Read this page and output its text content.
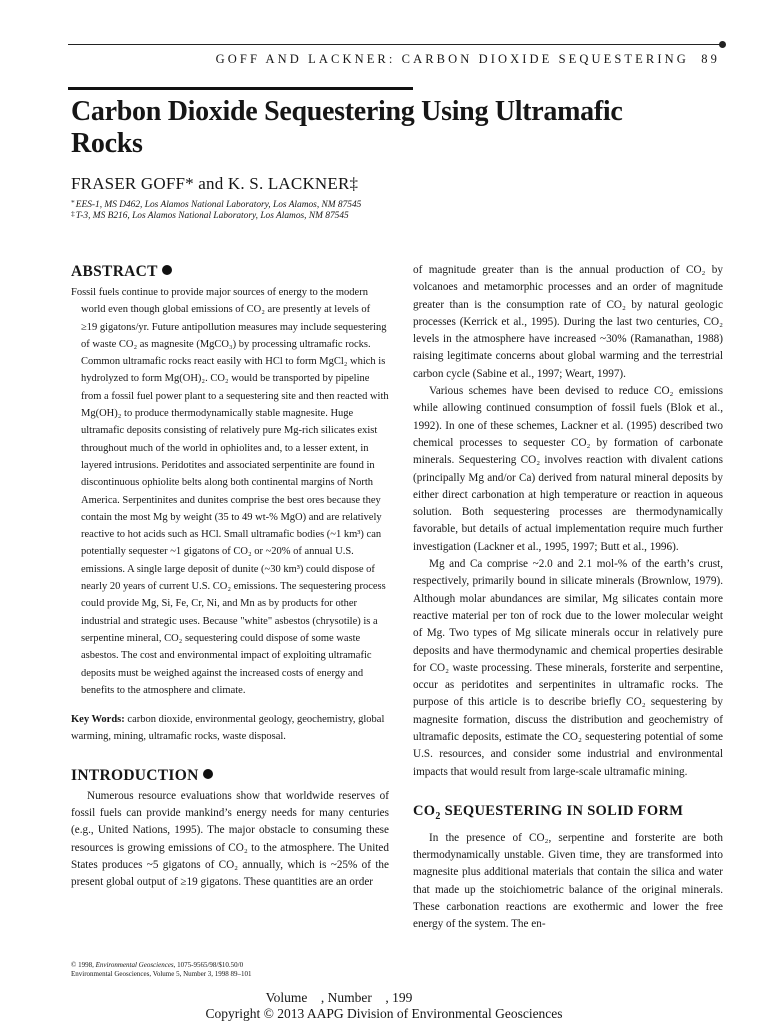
GOFF AND LACKNER: CARBON DIOXIDE SEQUESTERING 89
Carbon Dioxide Sequestering Using Ultramafic Rocks
FRASER GOFF* and K. S. LACKNER‡
*EES-1, MS D462, Los Alamos National Laboratory, Los Alamos, NM 87545
‡T-3, MS B216, Los Alamos National Laboratory, Los Alamos, NM 87545
ABSTRACT

Fossil fuels continue to provide major sources of energy to the modern world even though global emissions of CO₂ are presently at levels of ≥19 gigatons/yr. Future antipollution measures may include sequestering of waste CO₂ as magnesite (MgCO₃) by processing ultramafic rocks. Common ultramafic rocks react easily with HCl to form MgCl₂ which is hydrolyzed to form Mg(OH)₂. CO₂ would be transported by pipeline from a fossil fuel power plant to a sequestering site and then reacted with Mg(OH)₂ to produce thermodynamically stable magnesite. Huge ultramafic deposits consisting of relatively pure Mg-rich silicates exist throughout much of the world in ophiolites and, to a lesser extent, in layered intrusions. Peridotites and associated serpentinite are found in discontinuous ophiolite belts along both continental margins of North America. Serpentinites and dunites comprise the best ores because they contain the most Mg by weight (35 to 49 wt-% MgO) and are relatively reactive to hot acids such as HCl. Small ultramafic bodies (~1 km³) can potentially sequester ~1 gigatons of CO₂ or ~20% of annual U.S. emissions. A single large deposit of dunite (~30 km³) could dispose of nearly 20 years of current U.S. CO₂ emissions. The sequestering process could provide Mg, Si, Fe, Cr, Ni, and Mn as by products for other industrial and strategic uses. Because "white" asbestos (chrysotile) is a serpentine mineral, CO₂ sequestering could dispose of some waste asbestos. The cost and environmental impact of exploiting ultramafic deposits must be weighed against the increased costs of energy and benefits to the atmosphere and climate.

Key Words: carbon dioxide, environmental geology, geochemistry, global warming, mining, ultramafic rocks, waste disposal.

INTRODUCTION

Numerous resource evaluations show that worldwide reserves of fossil fuels can provide mankind’s energy needs for many centuries (e.g., United Nations, 1995). The major obstacle to consuming these resources is growing emissions of CO₂ to the atmosphere. The United States produces ~5 gigatons of CO₂ annually, which is ~25% of the present global output of ≥19 gigatons. These quantities are an order

© 1998, Environmental Geosciences, 1075-9565/98/$10.50/0
Environmental Geosciences, Volume 5, Number 3, 1998 89–101

of magnitude greater than is the annual production of CO₂ by volcanoes and metamorphic processes and an order of magnitude greater than is the consumption rate of CO₂ by natural geologic processes (Kerrick et al., 1995). During the last two centuries, CO₂ levels in the atmosphere have increased ~30% (Ramanathan, 1988) raising legitimate concerns about global warming and the terrestrial carbon cycle (Sabine et al., 1997; Weart, 1997).

Various schemes have been devised to reduce CO₂ emissions while allowing continued consumption of fossil fuels (Blok et al., 1992). In one of these schemes, Lackner et al. (1995) described two chemical processes to sequester CO₂ by formation of carbonate minerals. Sequestering CO₂ involves reaction with divalent cations (principally Mg and/or Ca) derived from natural mineral deposits by either direct carbonation at high temperature or reaction in aqueous solution. Both sequestering processes are thermodynamically favorable, but details of actual implementation require much further investigation (Lackner et al., 1995, 1997; Butt et al., 1996).

Mg and Ca comprise ~2.0 and 2.1 mol-% of the earth’s crust, respectively, primarily bound in silicate minerals (Brownlow, 1979). Although molar abundances are similar, Mg silicates contain more reactive material per ton of rock due to the lower molecular weight of Mg. Two types of Mg silicate minerals occur in relatively pure deposits and have thermodynamic and chemical properties desirable for CO₂ waste processing. These minerals, forsterite and serpentine, occur as peridotites and serpentinites in ultramafic rocks. The purpose of this article is to describe briefly CO₂ sequestering by magnesite formation, discuss the distribution and geochemistry of ultramafic deposits, estimate the CO₂ sequestering potential of some U.S. resources, and consider some industrial and environmental impacts that would result from large-scale ultramafic mining.

$CO_2$ SEQUESTERING IN SOLID FORM

In the presence of CO₂, serpentine and forsterite are both thermodynamically unstable. Given time, they are transformed into magnesite plus additional materials that contain the silica and water that made up the stoichiometric balance of the original minerals. These carbonation reactions are exothermic and lower the free energy of the system. The en-

Volume    , Number    , 199
Copyright © 2013 AAPG Division of Environmental Geosciences
